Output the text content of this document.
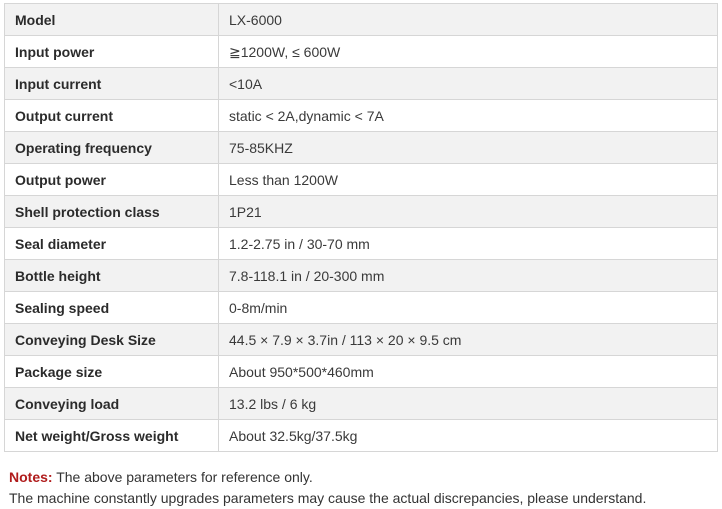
Model	LX-6000
Input power	≧1200W, ≤ 600W
Input current	<10A
Output current	static < 2A,dynamic < 7A
Operating frequency	75-85KHZ
Output power	Less than 1200W
Shell protection class	1P21
Seal diameter	1.2-2.75 in / 30-70 mm
Bottle height	7.8-118.1 in / 20-300 mm
Sealing speed	0-8m/min
Conveying Desk Size	44.5 × 7.9 × 3.7in / 113 × 20 × 9.5 cm
Package size	About 950*500*460mm
Conveying load	13.2 lbs / 6 kg
Net weight/Gross weight	About 32.5kg/37.5kg

Notes: The above parameters for reference only.

The machine constantly upgrades parameters may cause the actual discrepancies, please understand.
